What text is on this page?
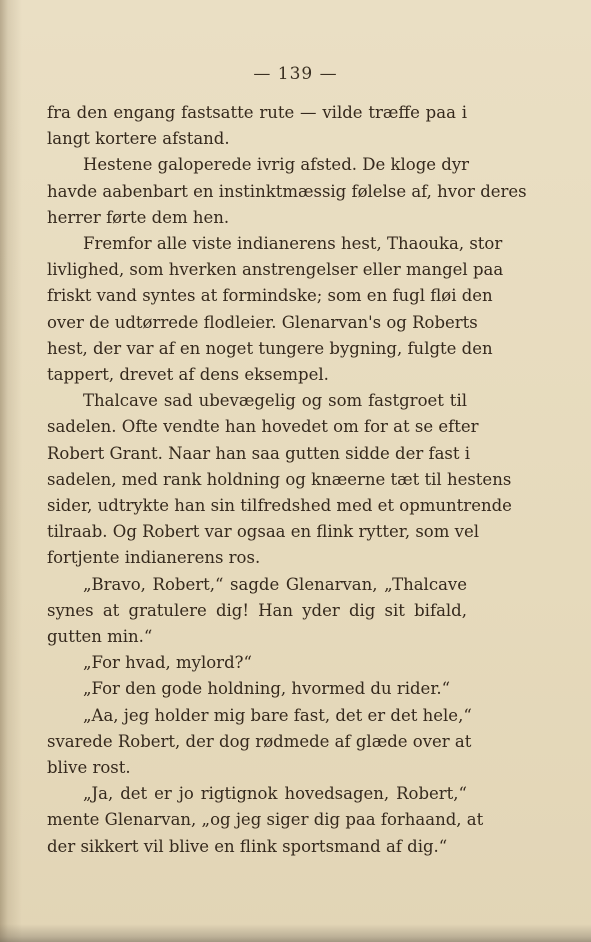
— 139 —
fra den engang fastsatte rute — vilde træffe paa i
langt kortere afstand.
Hestene galoperede ivrig afsted. De kloge dyr
havde aabenbart en instinktmæssig følelse af, hvor deres
herrer førte dem hen.
Fremfor alle viste indianerens hest, Thaouka, stor
livlighed, som hverken anstrengelser eller mangel paa
friskt vand syntes at formindske; som en fugl fløi den
over de udtørrede flodleier. Glenarvan's og Roberts
hest, der var af en noget tungere bygning, fulgte den
tappert, drevet af dens eksempel.
Thalcave sad ubevægelig og som fastgroet til
sadelen. Ofte vendte han hovedet om for at se efter
Robert Grant. Naar han saa gutten sidde der fast i
sadelen, med rank holdning og knæerne tæt til hestens
sider, udtrykte han sin tilfredshed med et opmuntrende
tilraab. Og Robert var ogsaa en flink rytter, som vel
fortjente indianerens ros.
„Bravo, Robert,“ sagde Glenarvan, „Thalcave
synes at gratulere dig! Han yder dig sit bifald,
gutten min.“
„For hvad, mylord?“
„For den gode holdning, hvormed du rider.“
„Aa, jeg holder mig bare fast, det er det hele,“
svarede Robert, der dog rødmede af glæde over at
blive rost.
„Ja, det er jo rigtignok hovedsagen, Robert,“
mente Glenarvan, „og jeg siger dig paa forhaand, at
der sikkert vil blive en flink sportsmand af dig.“
